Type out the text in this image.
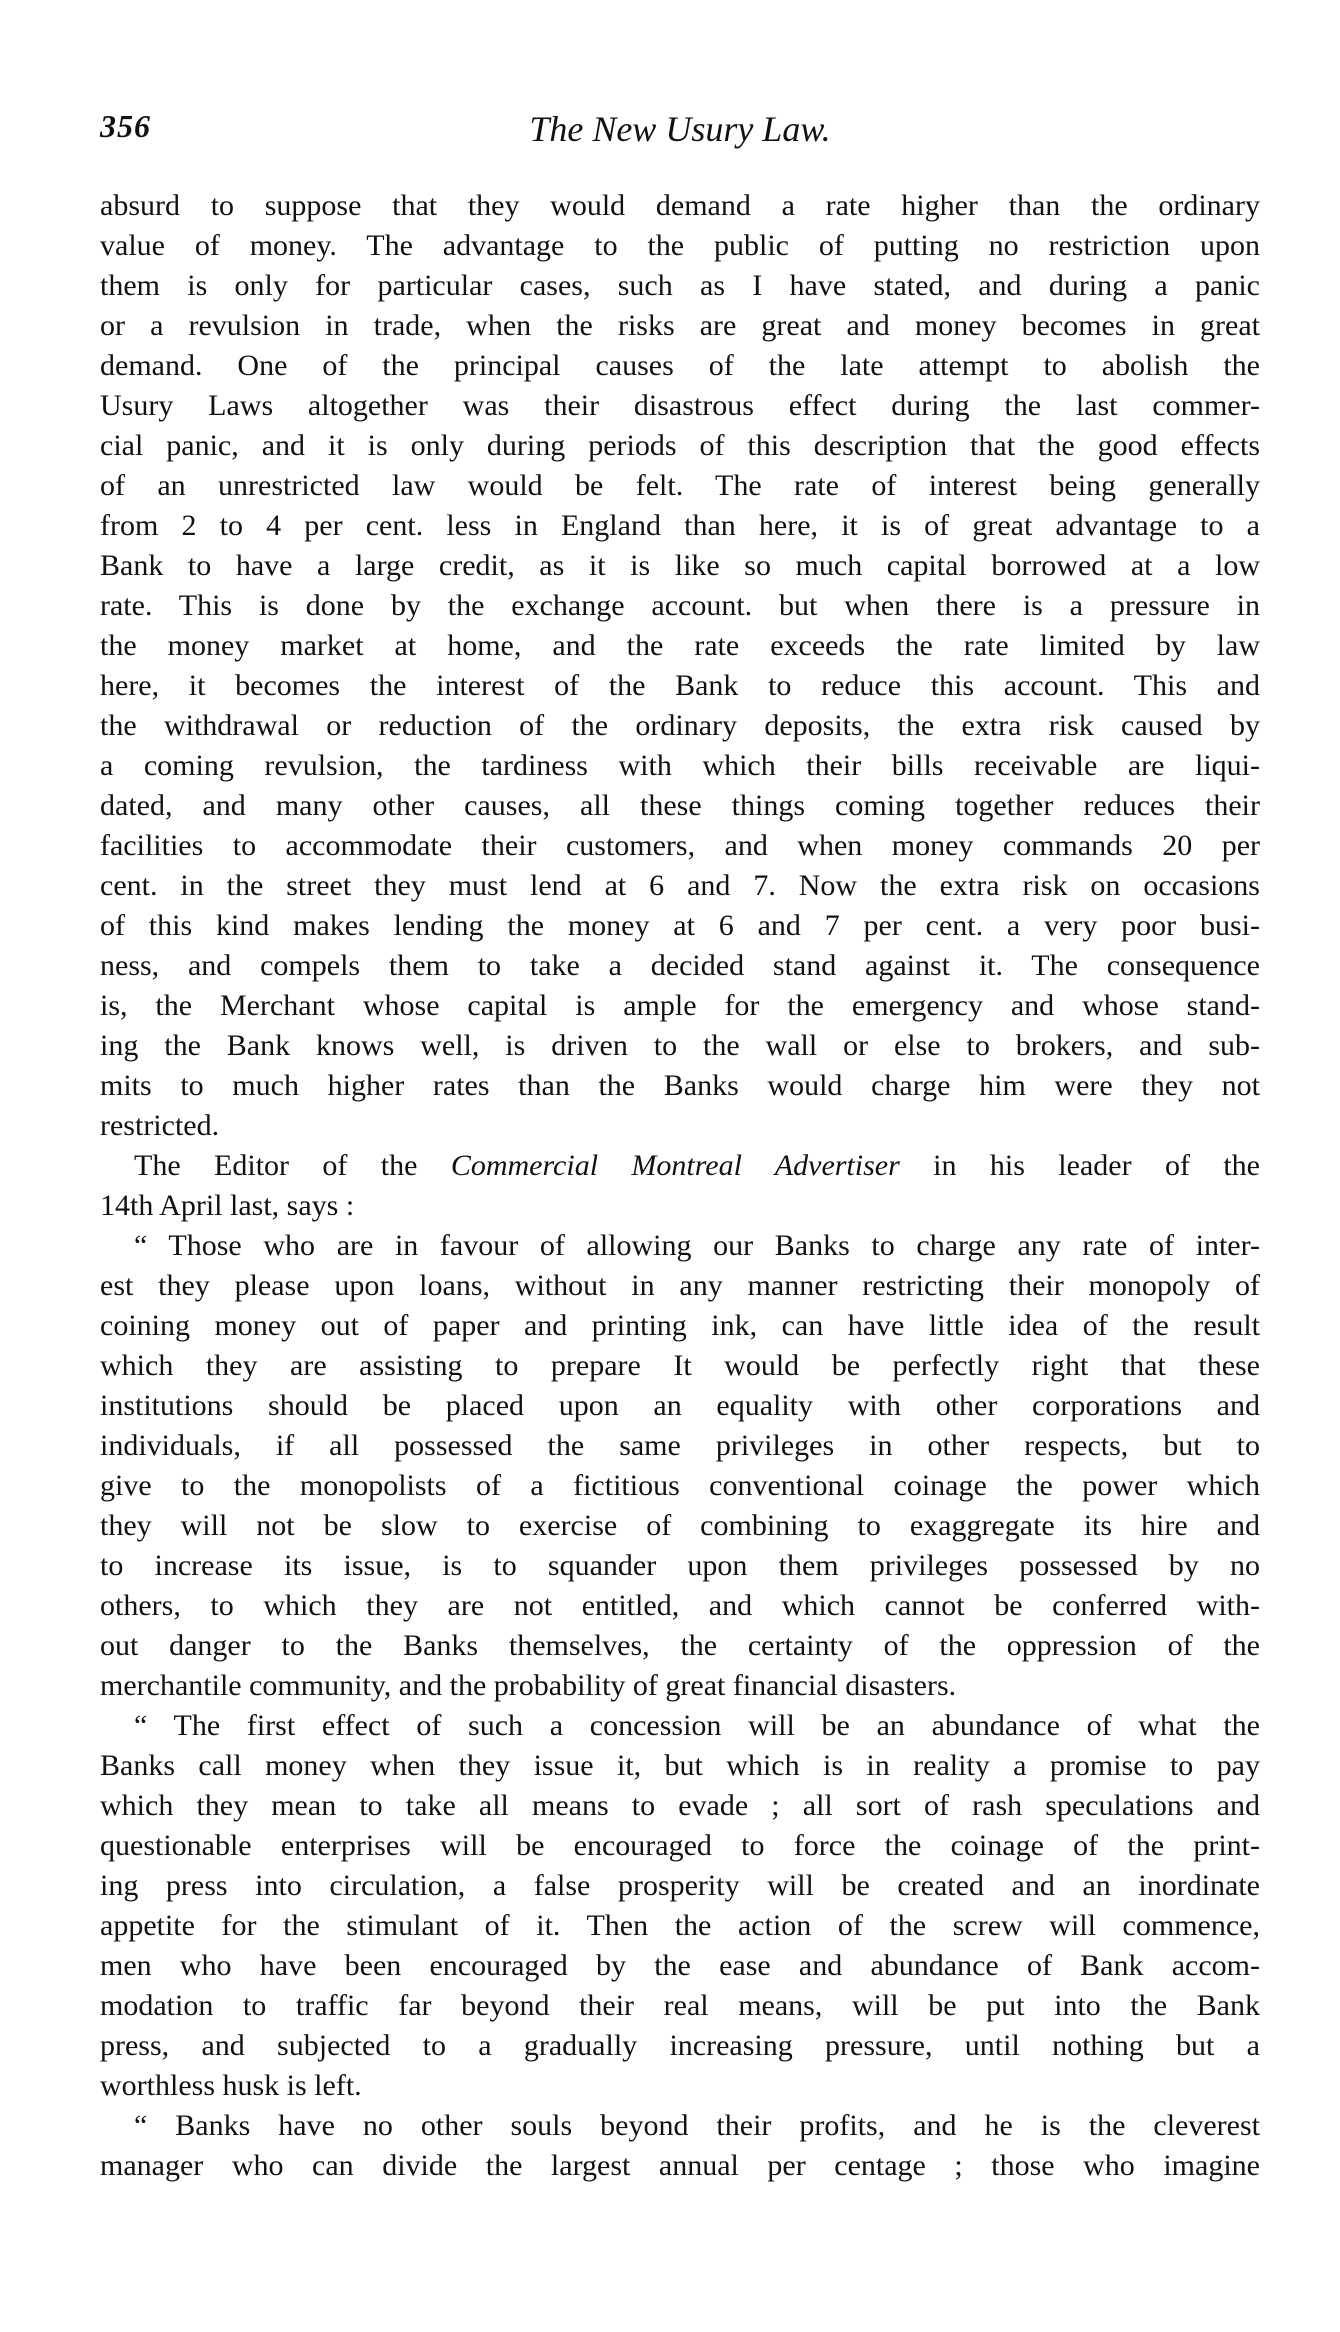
356	The New Usury Law.
absurd to suppose that they would demand a rate higher than the ordinary
value of money. The advantage to the public of putting no restriction upon
them is only for particular cases, such as I have stated, and during a panic
or a revulsion in trade, when the risks are great and money becomes in great
demand. One of the principal causes of the late attempt to abolish the
Usury Laws altogether was their disastrous effect during the last commer-
cial panic, and it is only during periods of this description that the good effects
of an unrestricted law would be felt. The rate of interest being generally
from 2 to 4 per cent. less in England than here, it is of great advantage to a
Bank to have a large credit, as it is like so much capital borrowed at a low
rate. This is done by the exchange account. but when there is a pressure in
the money market at home, and the rate exceeds the rate limited by law
here, it becomes the interest of the Bank to reduce this account. This and
the withdrawal or reduction of the ordinary deposits, the extra risk caused by
a coming revulsion, the tardiness with which their bills receivable are liqui-
dated, and many other causes, all these things coming together reduces their
facilities to accommodate their customers, and when money commands 20 per
cent. in the street they must lend at 6 and 7. Now the extra risk on occasions
of this kind makes lending the money at 6 and 7 per cent. a very poor busi-
ness, and compels them to take a decided stand against it. The consequence
is, the Merchant whose capital is ample for the emergency and whose stand-
ing the Bank knows well, is driven to the wall or else to brokers, and sub-
mits to much higher rates than the Banks would charge him were they not
restricted.
The Editor of the Commercial Montreal Advertiser in his leader of the
14th April last, says :
“ Those who are in favour of allowing our Banks to charge any rate of inter-
est they please upon loans, without in any manner restricting their monopoly of
coining money out of paper and printing ink, can have little idea of the result
which they are assisting to prepare It would be perfectly right that these
institutions should be placed upon an equality with other corporations and
individuals, if all possessed the same privileges in other respects, but to
give to the monopolists of a fictitious conventional coinage the power which
they will not be slow to exercise of combining to exaggregate its hire and
to increase its issue, is to squander upon them privileges possessed by no
others, to which they are not entitled, and which cannot be conferred with-
out danger to the Banks themselves, the certainty of the oppression of the
merchantile community, and the probability of great financial disasters.
“ The first effect of such a concession will be an abundance of what the
Banks call money when they issue it, but which is in reality a promise to pay
which they mean to take all means to evade ; all sort of rash speculations and
questionable enterprises will be encouraged to force the coinage of the print-
ing press into circulation, a false prosperity will be created and an inordinate
appetite for the stimulant of it. Then the action of the screw will commence,
men who have been encouraged by the ease and abundance of Bank accom-
modation to traffic far beyond their real means, will be put into the Bank
press, and subjected to a gradually increasing pressure, until nothing but a
worthless husk is left.
“ Banks have no other souls beyond their profits, and he is the cleverest
manager who can divide the largest annual per centage ; those who imagine
